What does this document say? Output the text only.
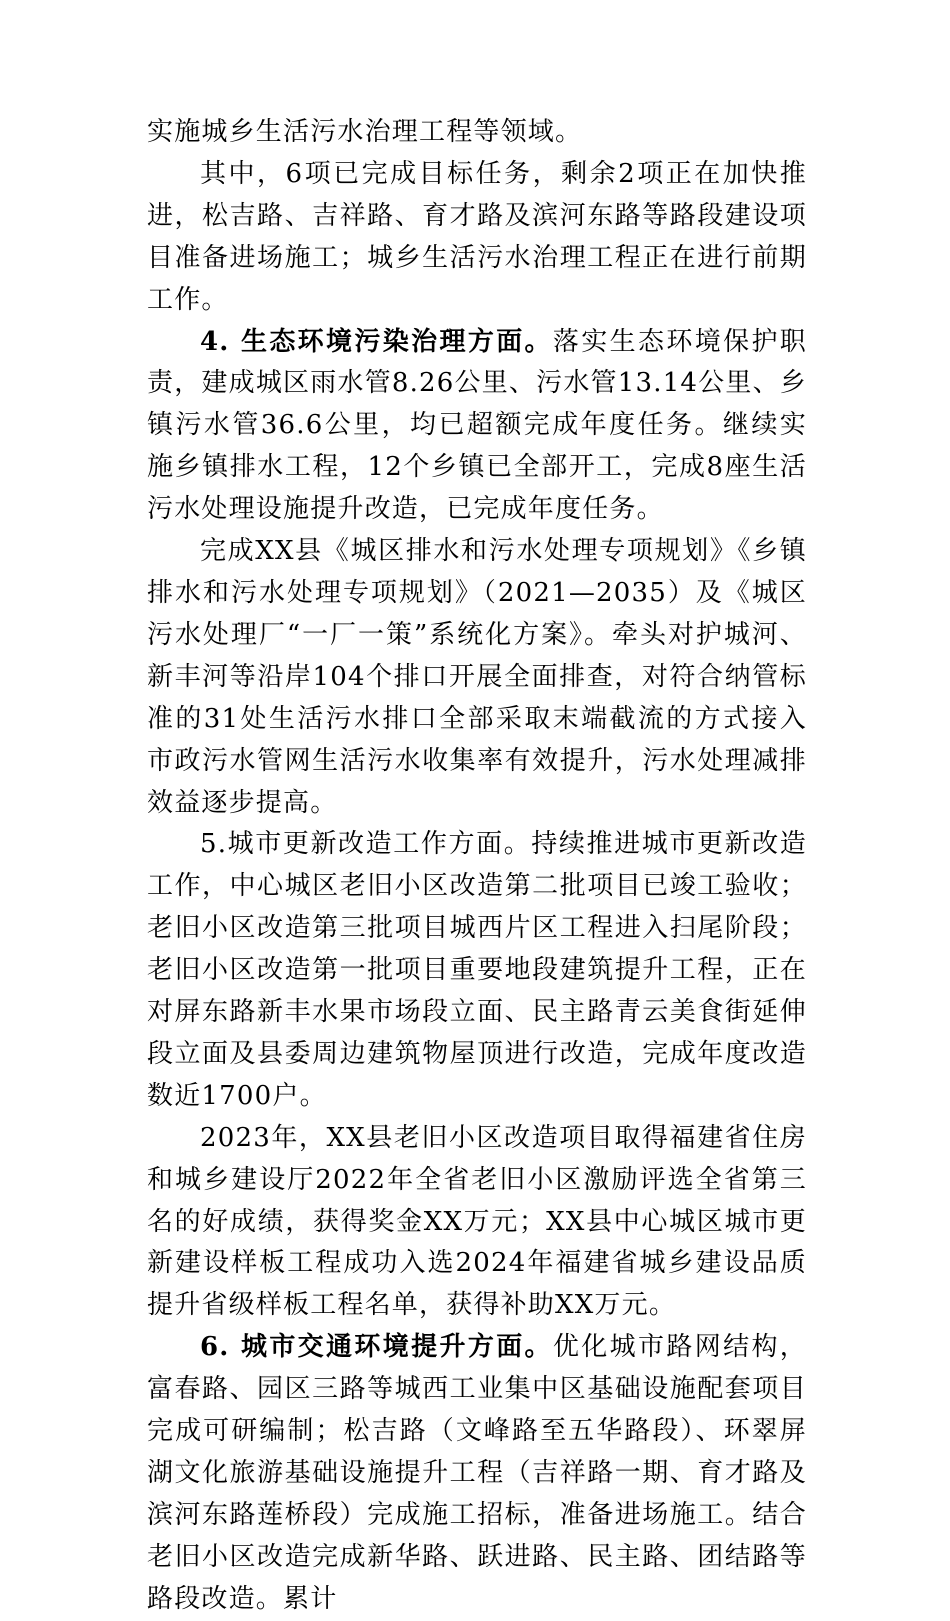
实施城乡生活污水治理工程等领域。

其中，6项已完成目标任务，剩余2项正在加快推进，松吉路、吉祥路、育才路及滨河东路等路段建设项目准备进场施工；城乡生活污水治理工程正在进行前期工作。

4. 生态环境污染治理方面。落实生态环境保护职责，建成城区雨水管8.26公里、污水管13.14公里、乡镇污水管36.6公里，均已超额完成年度任务。继续实施乡镇排水工程，12个乡镇已全部开工，完成8座生活污水处理设施提升改造，已完成年度任务。

完成XX县《城区排水和污水处理专项规划》《乡镇排水和污水处理专项规划》（2021—2035）及《城区污水处理厂“一厂一策”系统化方案》。牵头对护城河、新丰河等沿岸104个排口开展全面排查，对符合纳管标准的31处生活污水排口全部采取末端截流的方式接入市政污水管网生活污水收集率有效提升，污水处理减排效益逐步提高。

5.城市更新改造工作方面。持续推进城市更新改造工作，中心城区老旧小区改造第二批项目已竣工验收；老旧小区改造第三批项目城西片区工程进入扫尾阶段；老旧小区改造第一批项目重要地段建筑提升工程，正在对屏东路新丰水果市场段立面、民主路青云美食街延伸段立面及县委周边建筑物屋顶进行改造，完成年度改造数近1700户。

2023年，XX县老旧小区改造项目取得福建省住房和城乡建设厅2022年全省老旧小区激励评选全省第三名的好成绩，获得奖金XX万元；XX县中心城区城市更新建设样板工程成功入选2024年福建省城乡建设品质提升省级样板工程名单，获得补助XX万元。

6. 城市交通环境提升方面。优化城市路网结构，富春路、园区三路等城西工业集中区基础设施配套项目完成可研编制；松吉路（文峰路至五华路段）、环翠屏湖文化旅游基础设施提升工程（吉祥路一期、育才路及滨河东路莲桥段）完成施工招标，准备进场施工。结合老旧小区改造完成新华路、跃进路、民主路、团结路等路段改造。累计
